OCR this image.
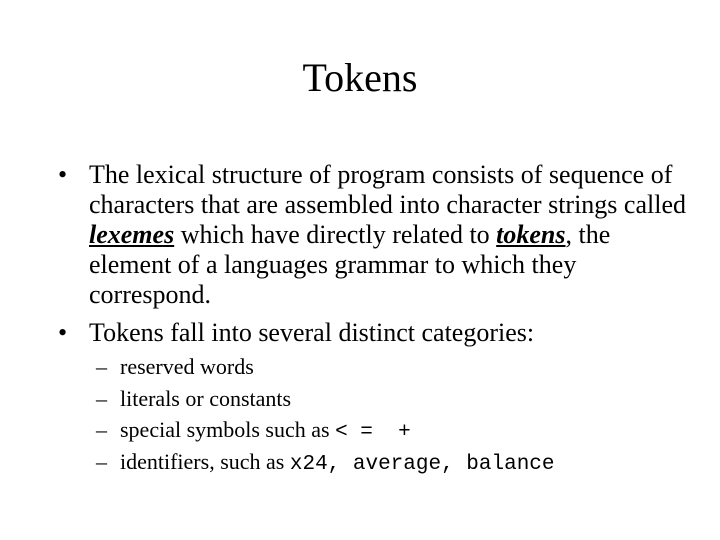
Tokens
• The lexical structure of program consists of sequence of characters that are assembled into character strings called lexemes which have directly related to tokens, the element of a languages grammar to which they correspond.
• Tokens fall into several distinct categories:
– reserved words
– literals or constants
– special symbols such as < =  +
– identifiers, such as x24, average, balance
